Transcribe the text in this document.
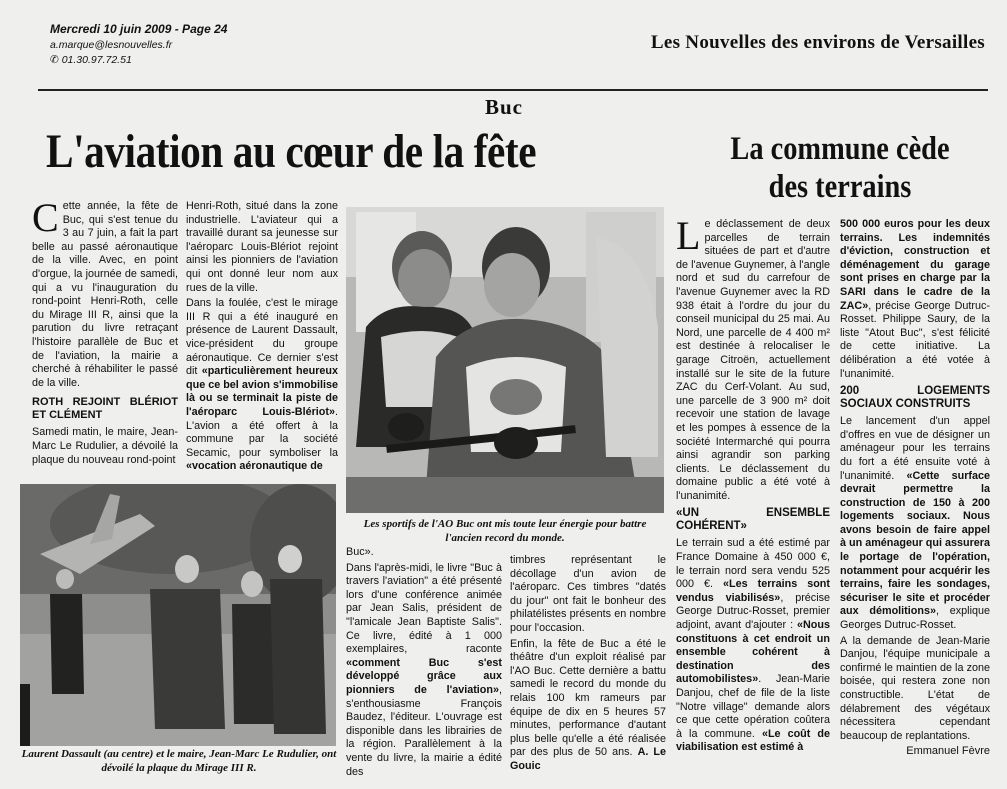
Mercredi 10 juin 2009 - Page 24
a.marque@lesnouvelles.fr
✆ 01.30.97.72.51
Les Nouvelles des environs de Versailles
Buc
L'aviation au cœur de la fête	La commune cède des terrains

Cette année, la fête de Buc, qui s'est tenue du 3 au 7 juin, a fait la part belle au passé aéronautique de la ville. Avec, en point d'orgue, la journée de samedi, qui a vu l'inauguration du rond-point Henri-Roth, celle du Mirage III R, ainsi que la parution du livre retraçant l'histoire parallèle de Buc et de l'aviation, la mairie a cherché à réhabiliter le passé de la ville.

ROTH REJOINT BLÉRIOT ET CLÉMENT

Samedi matin, le maire, Jean-Marc Le Rudulier, a dévoilé la plaque du nouveau rond-point

Henri-Roth, situé dans la zone industrielle. L'aviateur qui a travaillé durant sa jeunesse sur l'aéroparc Louis-Blériot rejoint ainsi les pionniers de l'aviation qui ont donné leur nom aux rues de la ville.

Dans la foulée, c'est le mirage III R qui a été inauguré en présence de Laurent Dassault, vice-président du groupe aéronautique. Ce dernier s'est dit «particulièrement heureux que ce bel avion s'immobilise là ou se terminait la piste de l'aéroparc Louis-Blériot». L'avion a été offert à la commune par la société Secamic, pour symboliser la «vocation aéronautique de

Les sportifs de l'AO Buc ont mis toute leur énergie pour battre l'ancien record du monde.
Laurent Dassault (au centre) et le maire, Jean-Marc Le Rudulier, ont dévoilé la plaque du Mirage III R.

Buc».

Dans l'après-midi, le livre "Buc à travers l'aviation" a été présenté lors d'une conférence animée par Jean Salis, président de "l'amicale Jean Baptiste Salis". Ce livre, édité à 1 000 exemplaires, raconte «comment Buc s'est développé grâce aux pionniers de l'aviation», s'enthousiasme François Baudez, l'éditeur. L'ouvrage est disponible dans les librairies de la région. Parallèlement à la vente du livre, la mairie a édité des

timbres représentant le décollage d'un avion de l'aéroparc. Ces timbres "datés du jour" ont fait le bonheur des philatélistes présents en nombre pour l'occasion.

Enfin, la fête de Buc a été le théâtre d'un exploit réalisé par l'AO Buc. Cette dernière a battu samedi le record du monde du relais 100 km rameurs par équipe de dix en 5 heures 57 minutes, performance d'autant plus belle qu'elle a été réalisée par des plus de 50 ans. A. Le Gouic

Le déclassement de deux parcelles de terrain situées de part et d'autre de l'avenue Guynemer, à l'angle nord et sud du carrefour de l'avenue Guynemer avec la RD 938 était à l'ordre du jour du conseil municipal du 25 mai. Au Nord, une parcelle de 4 400 m² est destinée à relocaliser le garage Citroën, actuellement installé sur le site de la future ZAC du Cerf-Volant. Au sud, une parcelle de 3 900 m² doit recevoir une station de lavage et les pompes à essence de la société Intermarché qui pourra ainsi agrandir son parking clients. Le déclassement du domaine public a été voté à l'unanimité.

«UN ENSEMBLE COHÉRENT»

Le terrain sud a été estimé par France Domaine à 450 000 €, le terrain nord sera vendu 525 000 €. «Les terrains sont vendus viabilisés», précise George Dutruc-Rosset, premier adjoint, avant d'ajouter : «Nous constituons à cet endroit un ensemble cohérent à destination des automobilistes». Jean-Marie Danjou, chef de file de la liste "Notre village" demande alors ce que cette opération coûtera à la commune. «Le coût de viabilisation est estimé à

500 000 euros pour les deux terrains. Les indemnités d'éviction, construction et déménagement du garage sont prises en charge par la SARI dans le cadre de la ZAC», précise George Dutruc-Rosset. Philippe Saury, de la liste "Atout Buc", s'est félicité de cette initiative. La délibération a été votée à l'unanimité.

200 LOGEMENTS SOCIAUX CONSTRUITS

Le lancement d'un appel d'offres en vue de désigner un aménageur pour les terrains du fort a été ensuite voté à l'unanimité. «Cette surface devrait permettre la construction de 150 à 200 logements sociaux. Nous avons besoin de faire appel à un aménageur qui assurera le portage de l'opération, notamment pour acquérir les terrains, faire les sondages, sécuriser le site et procéder aux démolitions», explique Georges Dutruc-Rosset.

A la demande de Jean-Marie Danjou, l'équipe municipale a confirmé le maintien de la zone boisée, qui restera zone non constructible. L'état de délabrement des végétaux nécessitera cependant beaucoup de replantations.

Emmanuel Fèvre
